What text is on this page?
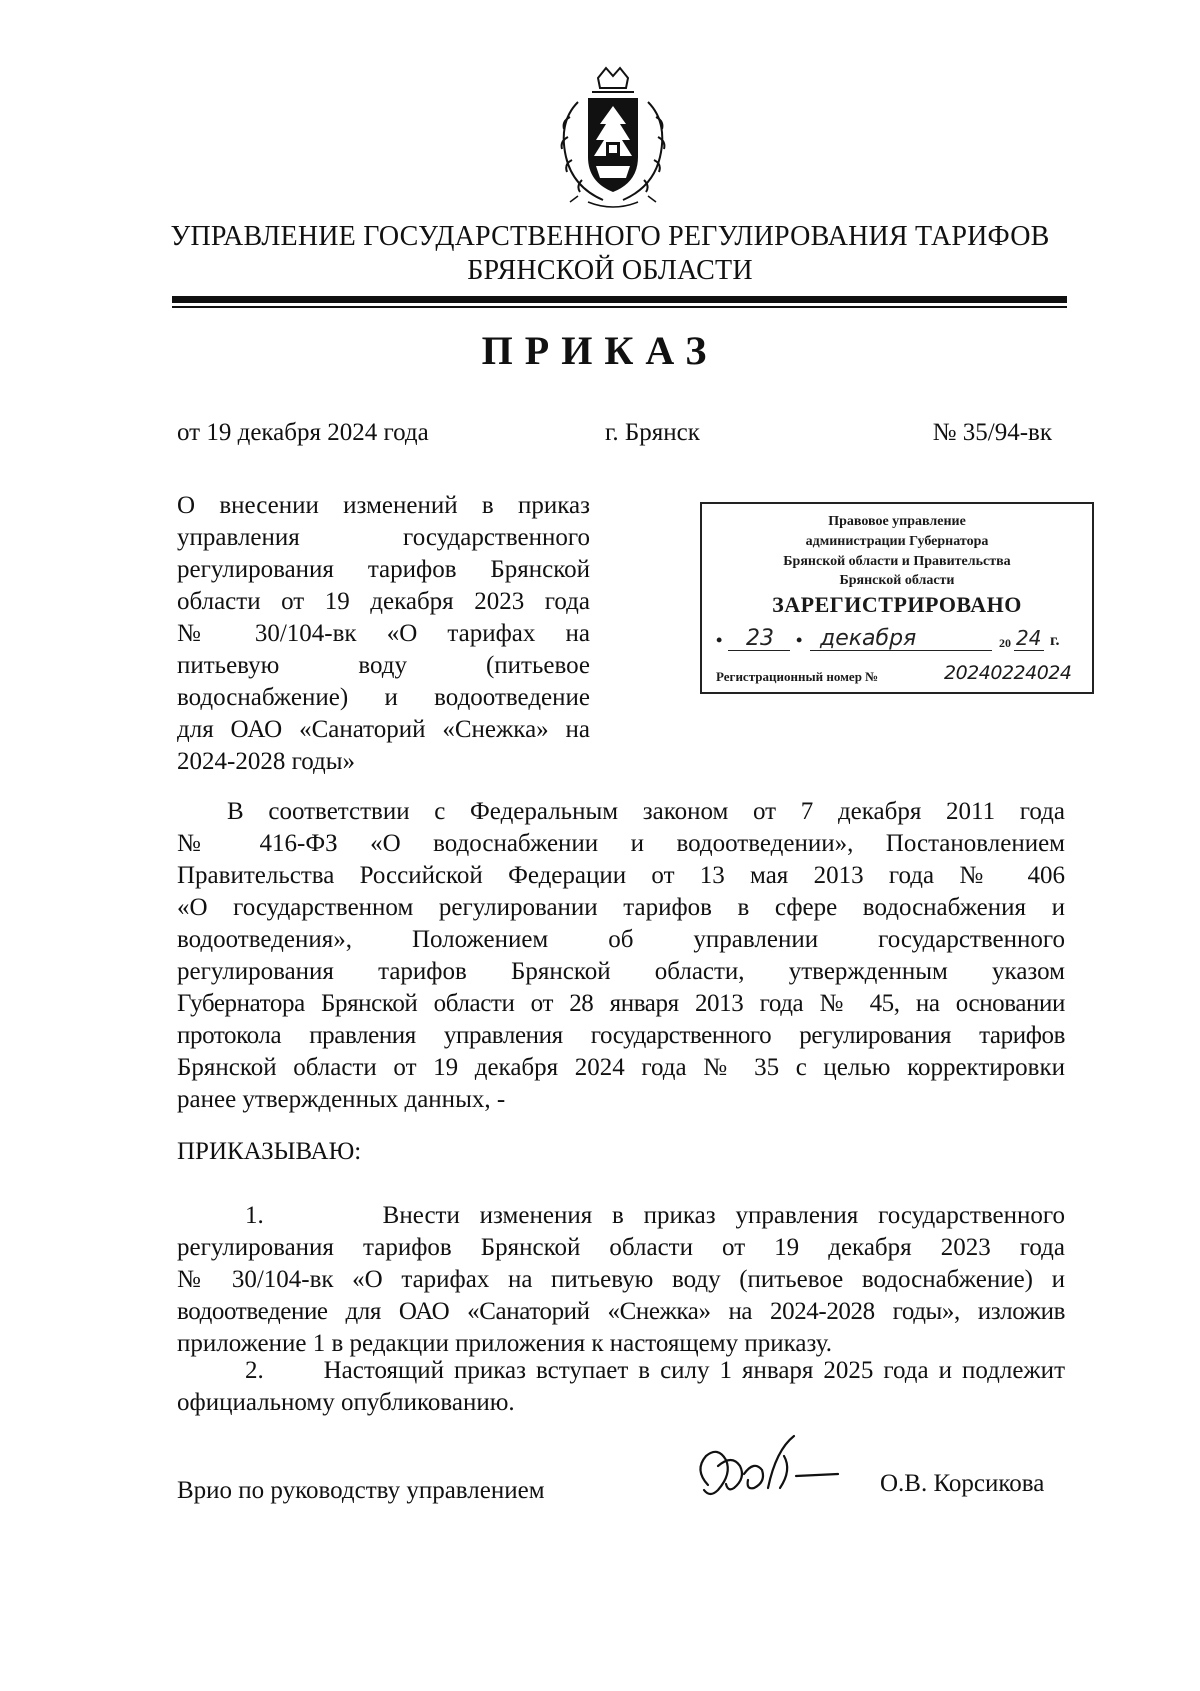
УПРАВЛЕНИЕ ГОСУДАРСТВЕННОГО РЕГУЛИРОВАНИЯ ТАРИФОВ
БРЯНСКОЙ ОБЛАСТИ
ПРИКАЗ
от 19 декабря 2024 года	г. Брянск	№ 35/94-вк
О внесении изменений в приказ
управления государственного
регулирования тарифов Брянской
области от 19 декабря 2023 года
№ 30/104-вк «О тарифах на
питьевую воду (питьевое
водоснабжение) и водоотведение
для ОАО «Санаторий «Снежка» на
2024-2028 годы»
Правовое управление
администрации Губернатора
Брянской области и Правительства
Брянской области
ЗАРЕГИСТРИРОВАНО
• 23 • декабря	20 24 г.
Регистрационный номер №	20240224024
В соответствии с Федеральным законом от 7 декабря 2011 года
№ 416-ФЗ «О водоснабжении и водоотведении», Постановлением
Правительства Российской Федерации от 13 мая 2013 года № 406
«О государственном регулировании тарифов в сфере водоснабжения и
водоотведения», Положением об управлении государственного
регулирования тарифов Брянской области, утвержденным указом
Губернатора Брянской области от 28 января 2013 года № 45, на основании
протокола правления управления государственного регулирования тарифов
Брянской области от 19 декабря 2024 года № 35 с целью корректировки
ранее утвержденных данных, -
ПРИКАЗЫВАЮ:
1.      Внести изменения в приказ управления государственного
регулирования тарифов Брянской области от 19 декабря 2023 года
№ 30/104-вк «О тарифах на питьевую воду (питьевое водоснабжение) и
водоотведение для ОАО «Санаторий «Снежка» на 2024-2028 годы», изложив
приложение 1 в редакции приложения к настоящему приказу.
2.      Настоящий приказ вступает в силу 1 января 2025 года и подлежит
официальному опубликованию.
Врио по руководству управлением	О.В. Корсикова
